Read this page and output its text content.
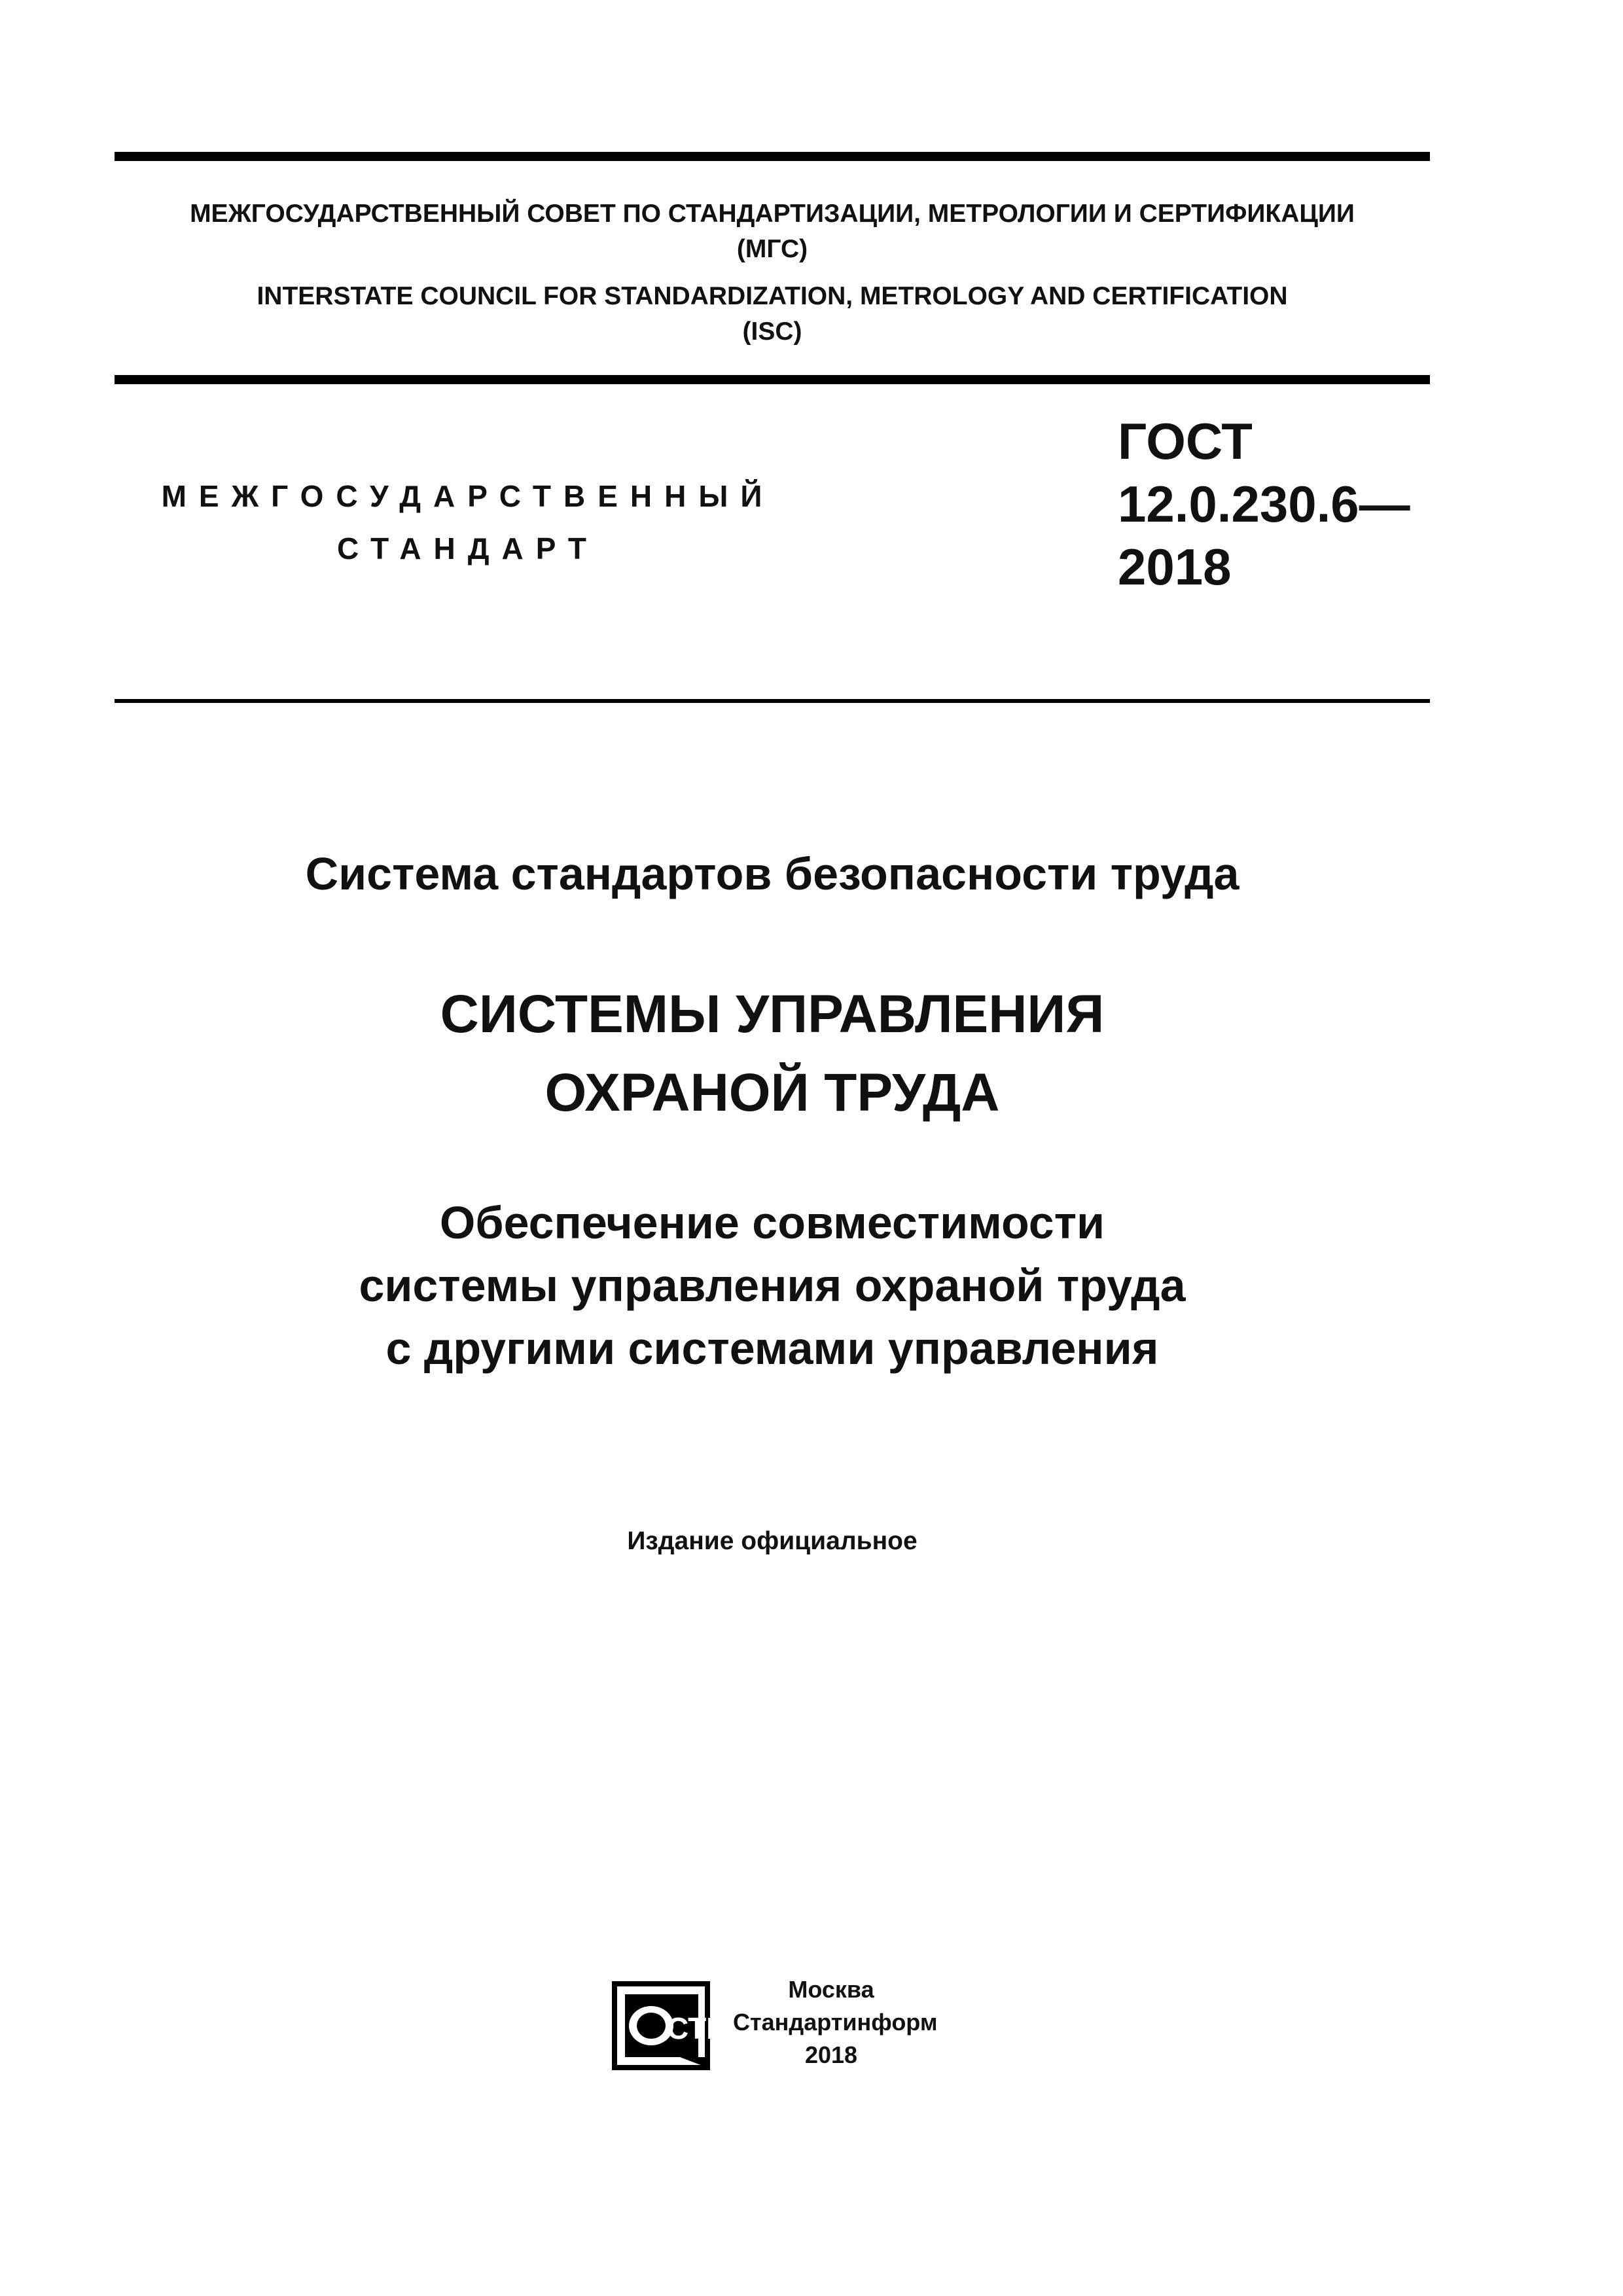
МЕЖГОСУДАРСТВЕННЫЙ СОВЕТ ПО СТАНДАРТИЗАЦИИ, МЕТРОЛОГИИ И СЕРТИФИКАЦИИ
(МГС)
INTERSTATE COUNCIL FOR STANDARDIZATION, METROLOGY AND CERTIFICATION
(ISC)
МЕЖГОСУДАРСТВЕННЫЙ
СТАНДАРТ
ГОСТ
12.0.230.6—
2018
Система стандартов безопасности труда
СИСТЕМЫ УПРАВЛЕНИЯ
ОХРАНОЙ ТРУДА
Обеспечение совместимости
системы управления охраной труда
с другими системами управления
Издание официальное
СТИ
Москва
Стандартинформ
2018
